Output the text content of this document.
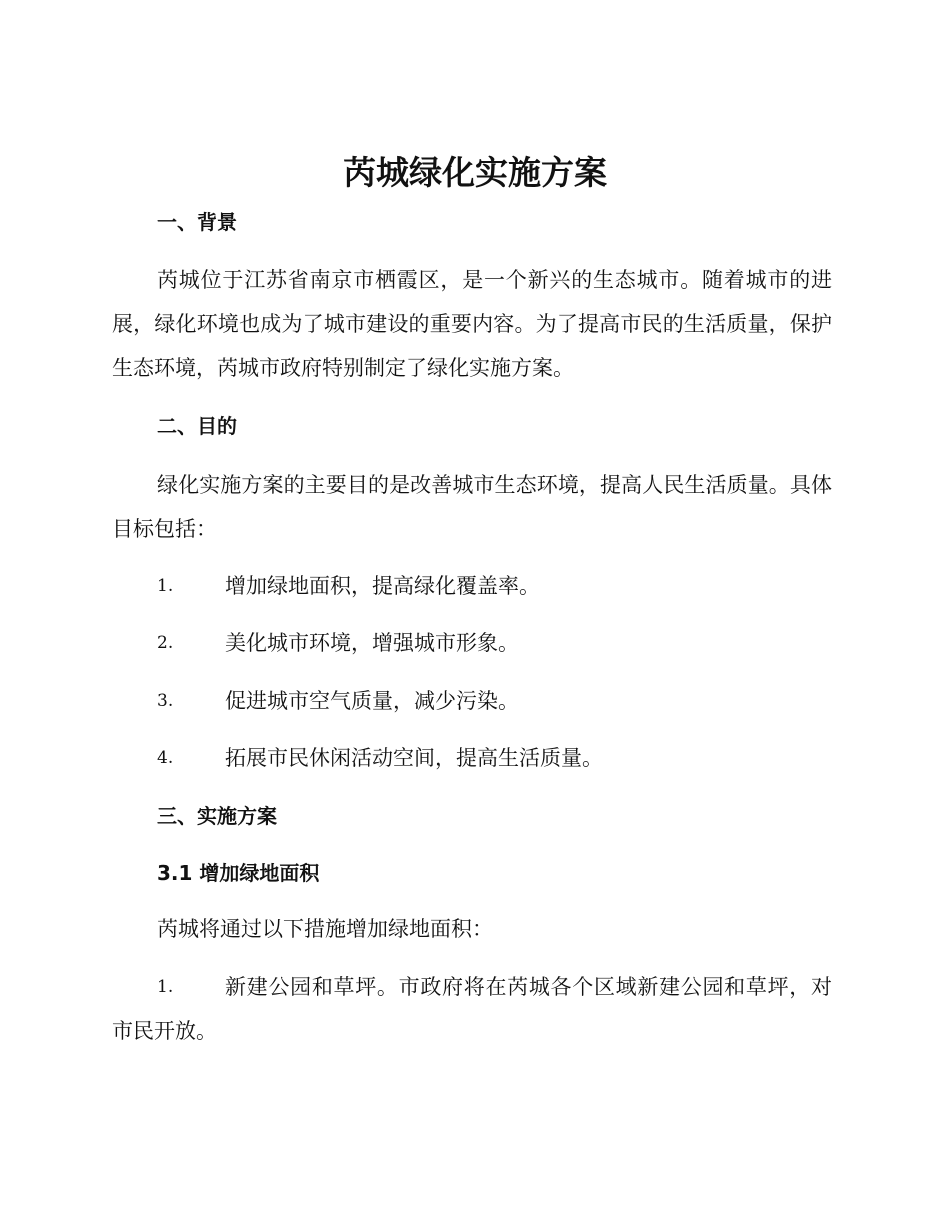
芮城绿化实施方案
一、背景

芮城位于江苏省南京市栖霞区，是一个新兴的生态城市。随着城市的进展，绿化环境也成为了城市建设的重要内容。为了提高市民的生活质量，保护生态环境，芮城市政府特别制定了绿化实施方案。

二、目的

绿化实施方案的主要目的是改善城市生态环境，提高人民生活质量。具体目标包括：

1.	增加绿地面积，提高绿化覆盖率。
2.	美化城市环境，增强城市形象。
3.	促进城市空气质量，减少污染。
4.	拓展市民休闲活动空间，提高生活质量。
三、实施方案
3.1 增加绿地面积

芮城将通过以下措施增加绿地面积：

1.	新建公园和草坪。市政府将在芮城各个区域新建公园和草坪，对市民开放。
